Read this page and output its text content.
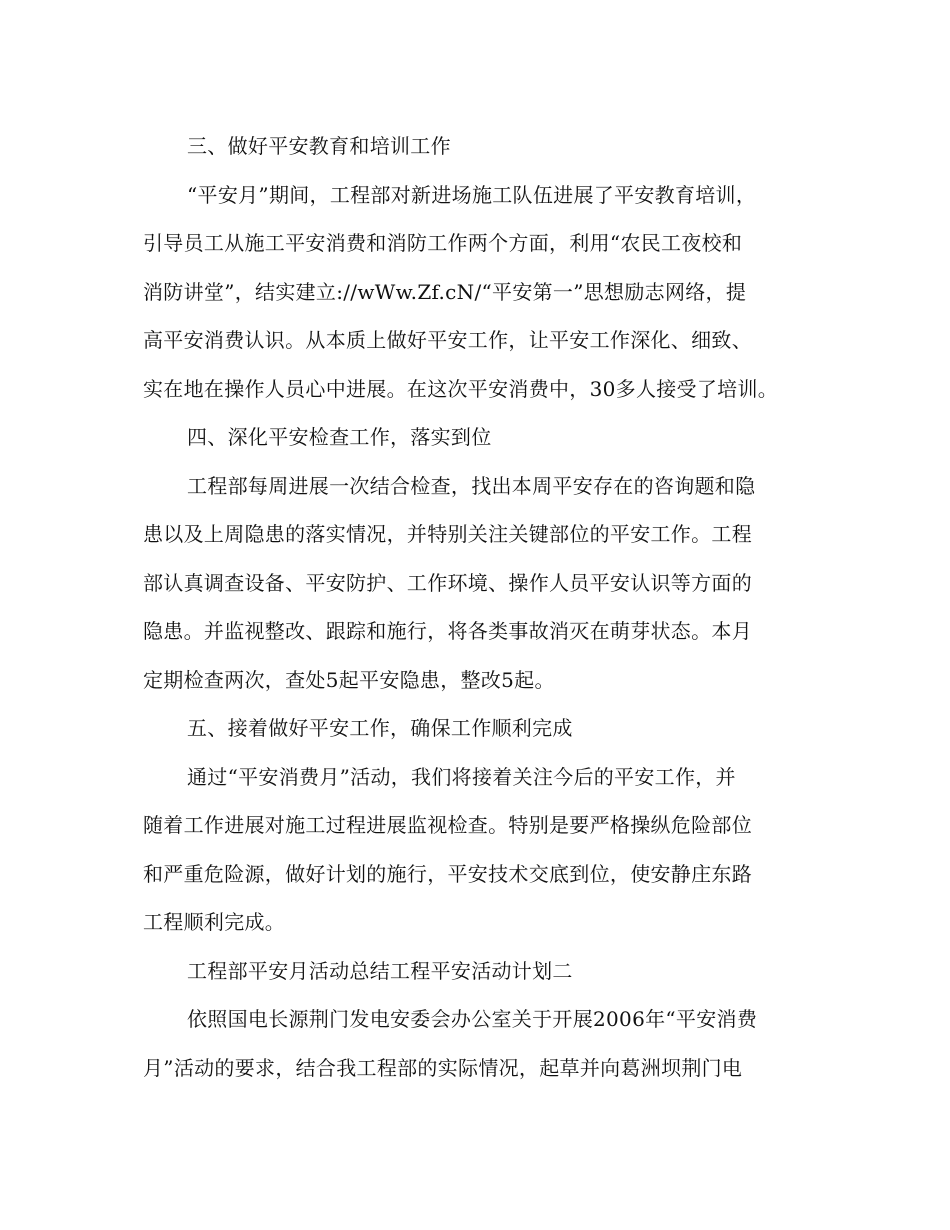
三、做好平安教育和培训工作
“平安月”期间，工程部对新进场施工队伍进展了平安教育培训，
引导员工从施工平安消费和消防工作两个方面，利用“农民工夜校和
消防讲堂”，结实建立://wWw.Zf.cN/“平安第一”思想励志网络，提
高平安消费认识。从本质上做好平安工作，让平安工作深化、细致、
实在地在操作人员心中进展。在这次平安消费中，30多人接受了培训。
四、深化平安检查工作，落实到位
工程部每周进展一次结合检查，找出本周平安存在的咨询题和隐
患以及上周隐患的落实情况，并特别关注关键部位的平安工作。工程
部认真调查设备、平安防护、工作环境、操作人员平安认识等方面的
隐患。并监视整改、跟踪和施行，将各类事故消灭在萌芽状态。本月
定期检查两次，查处5起平安隐患，整改5起。
五、接着做好平安工作，确保工作顺利完成
通过“平安消费月”活动，我们将接着关注今后的平安工作，并
随着工作进展对施工过程进展监视检查。特别是要严格操纵危险部位
和严重危险源，做好计划的施行，平安技术交底到位，使安静庄东路
工程顺利完成。
工程部平安月活动总结工程平安活动计划二
依照国电长源荆门发电安委会办公室关于开展2006年“平安消费
月”活动的要求，结合我工程部的实际情况，起草并向葛洲坝荆门电
